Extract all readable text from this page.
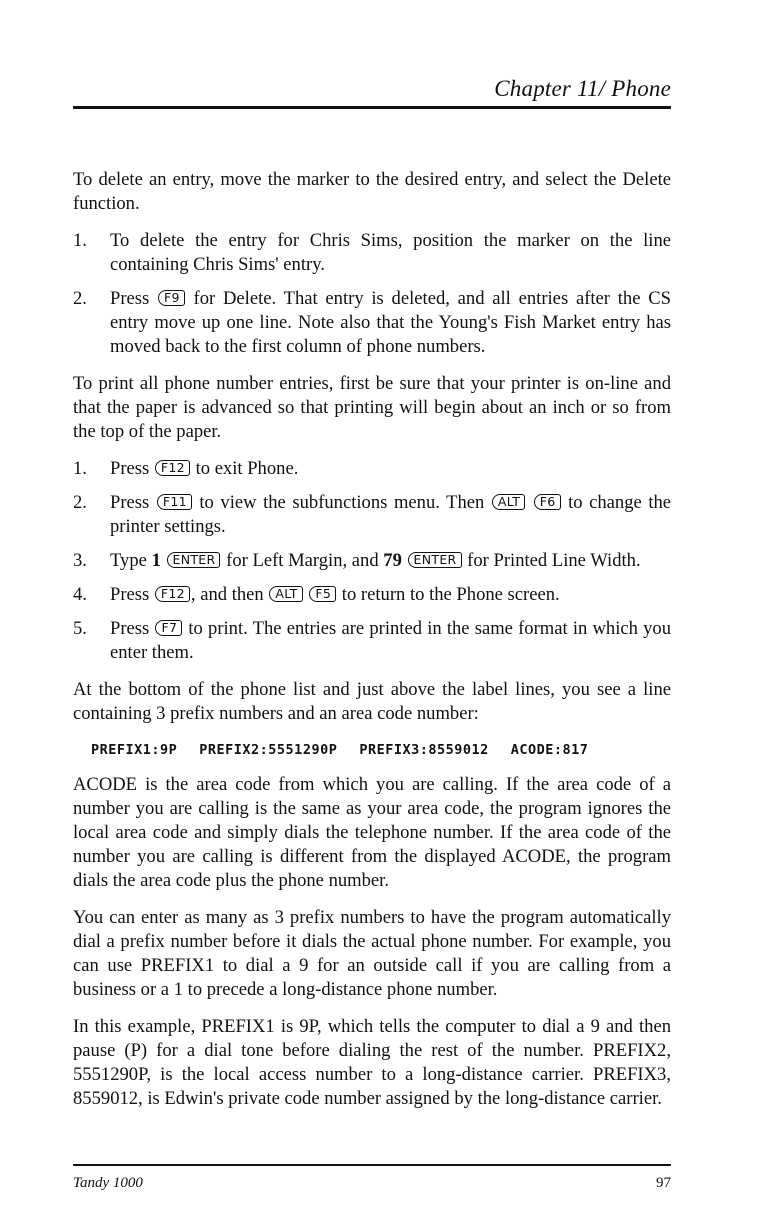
Chapter 11/ Phone

To delete an entry, move the marker to the desired entry, and select the Delete function.

1. To delete the entry for Chris Sims, position the marker on the line containing Chris Sims' entry.
2. Press F9 for Delete. That entry is deleted, and all entries after the CS entry move up one line. Note also that the Young's Fish Market entry has moved back to the first column of phone numbers.

To print all phone number entries, first be sure that your printer is on-line and that the paper is advanced so that printing will begin about an inch or so from the top of the paper.

1. Press F12 to exit Phone.
2. Press F11 to view the subfunctions menu. Then ALT F6 to change the printer settings.
3. Type 1 ENTER for Left Margin, and 79 ENTER for Printed Line Width.
4. Press F12 , and then ALT F5 to return to the Phone screen.
5. Press F7 to print. The entries are printed in the same format in which you enter them.

At the bottom of the phone list and just above the label lines, you see a line containing 3 prefix numbers and an area code number:

PREFIX1:9P PREFIX2:5551290P PREFIX3:8559012 ACODE:817

ACODE is the area code from which you are calling. If the area code of a number you are calling is the same as your area code, the program ignores the local area code and simply dials the telephone number. If the area code of the number you are calling is different from the displayed ACODE, the program dials the area code plus the phone number.

You can enter as many as 3 prefix numbers to have the program automatically dial a prefix number before it dials the actual phone number. For example, you can use PREFIX1 to dial a 9 for an outside call if you are calling from a business or a 1 to precede a long-distance phone number.

In this example, PREFIX1 is 9P, which tells the computer to dial a 9 and then pause (P) for a dial tone before dialing the rest of the number. PREFIX2, 5551290P, is the local access number to a long-distance carrier. PREFIX3, 8559012, is Edwin's private code number assigned by the long-distance carrier.

Tandy 1000	97
